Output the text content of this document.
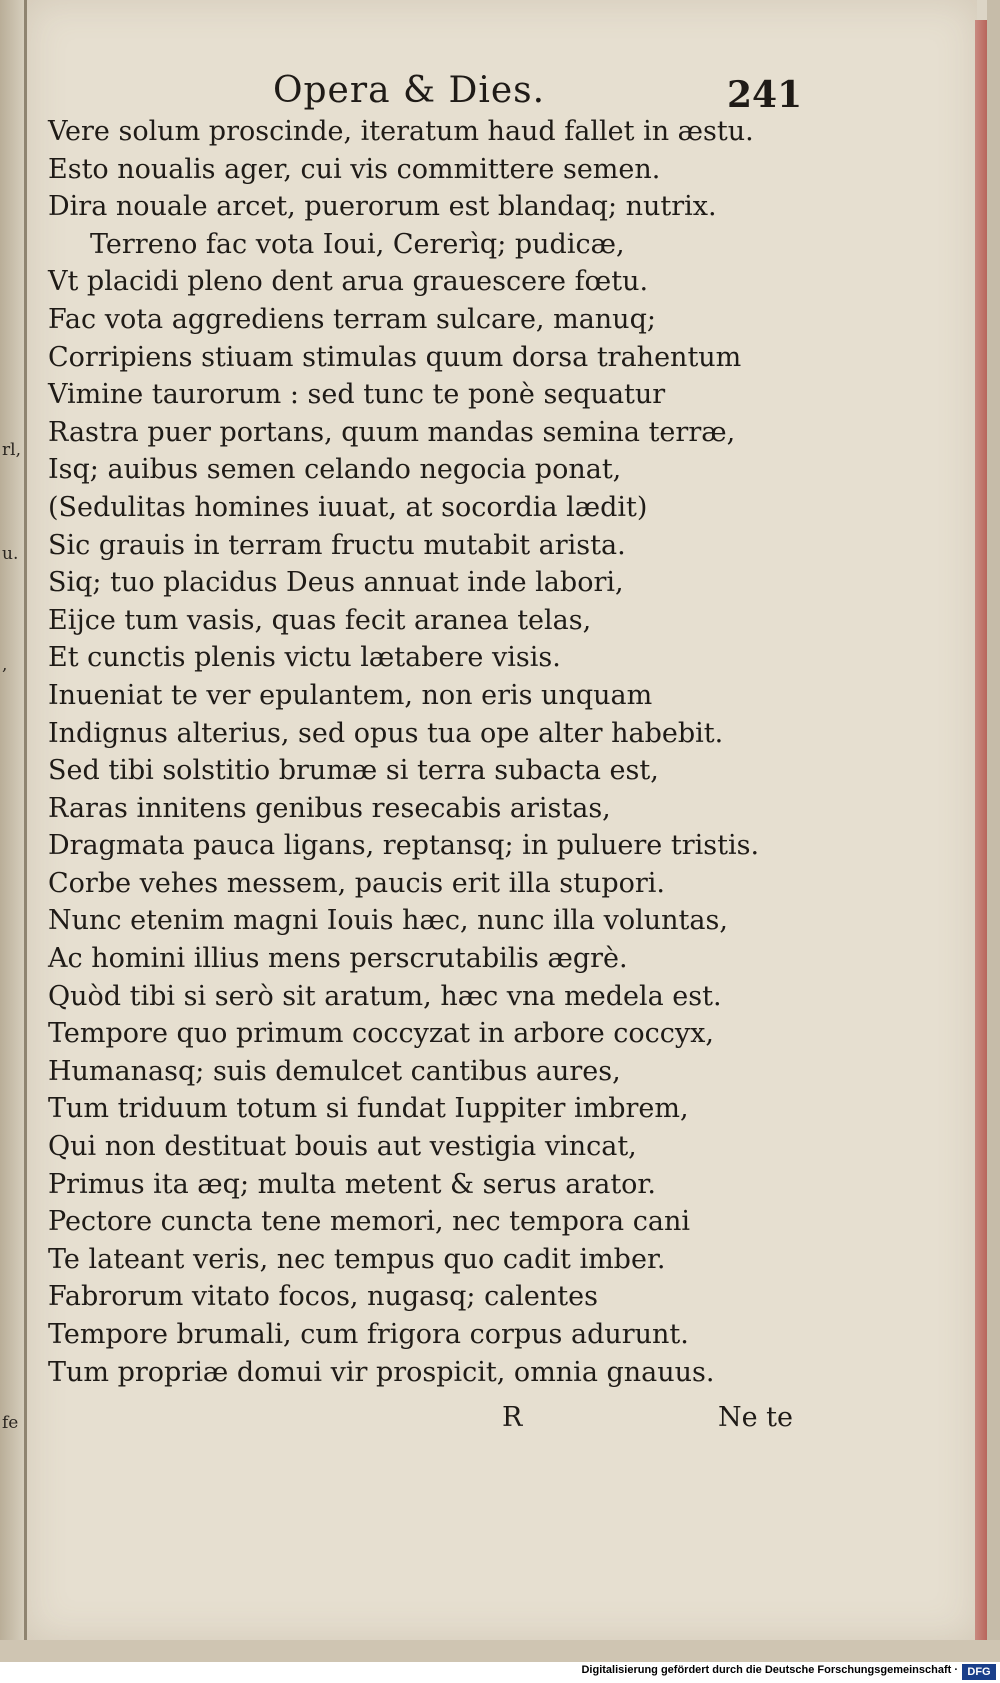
rl,
u.
,
fe
Opera & Dies.	241
Vere solum proscinde, iteratum haud fallet in æstu.
Esto noualis ager, cui vis committere semen.
Dira nouale arcet, puerorum est blandaq; nutrix.
Terreno fac vota Ioui, Cererìq; pudicæ,
Vt placidi pleno dent arua grauescere fœtu.
Fac vota aggrediens terram sulcare, manuq;
Corripiens stiuam stimulas quum dorsa trahentum
Vimine taurorum : sed tunc te ponè sequatur
Rastra puer portans, quum mandas semina terræ,
Isq; auibus semen celando negocia ponat,
(Sedulitas homines iuuat, at socordia lædit)
Sic grauis in terram fructu mutabit arista.
Siq; tuo placidus Deus annuat inde labori,
Eijce tum vasis, quas fecit aranea telas,
Et cunctis plenis victu lætabere visis.
Inueniat te ver epulantem, non eris unquam
Indignus alterius, sed opus tua ope alter habebit.
Sed tibi solstitio brumæ si terra subacta est,
Raras innitens genibus resecabis aristas,
Dragmata pauca ligans, reptansq; in puluere tristis.
Corbe vehes messem, paucis erit illa stupori.
Nunc etenim magni Iouis hæc, nunc illa voluntas,
Ac homini illius mens perscrutabilis ægrè.
Quòd tibi si serò sit aratum, hæc vna medela est.
Tempore quo primum coccyzat in arbore coccyx,
Humanasq; suis demulcet cantibus aures,
Tum triduum totum si fundat Iuppiter imbrem,
Qui non destituat bouis aut vestigia vincat,
Primus ita æq; multa metent & serus arator.
Pectore cuncta tene memori, nec tempora cani
Te lateant veris, nec tempus quo cadit imber.
Fabrorum vitato focos, nugasq; calentes
Tempore brumali, cum frigora corpus adurunt.
Tum propriæ domui vir prospicit, omnia gnauus.
R	Ne te
Digitalisierung gefördert durch die Deutsche Forschungsgemeinschaft · DFG
